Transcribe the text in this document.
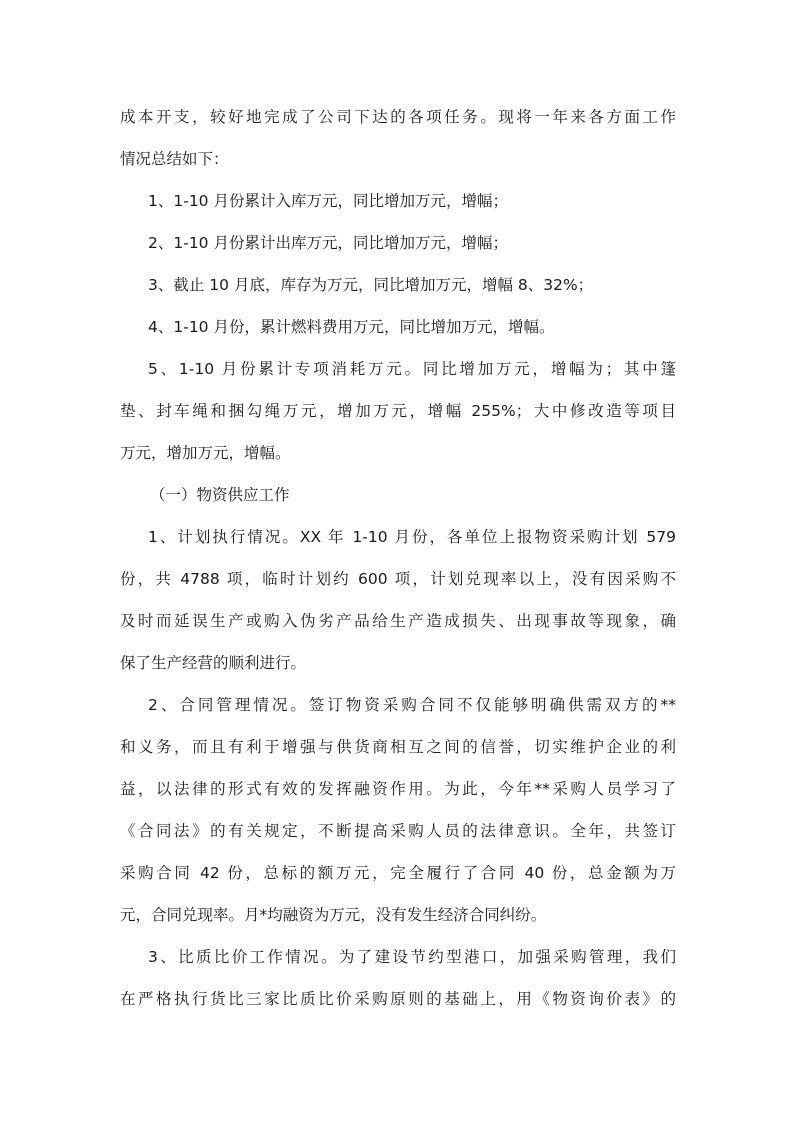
成本开支，较好地完成了公司下达的各项任务。现将一年来各方面工作
情况总结如下：
1、1-10 月份累计入库万元，同比增加万元，增幅；
2、1-10 月份累计出库万元，同比增加万元，增幅；
3、截止 10 月底，库存为万元，同比增加万元，增幅 8、32%；
4、1-10 月份，累计燃料费用万元，同比增加万元，增幅。
5、1-10 月份累计专项消耗万元。同比增加万元，增幅为；其中篷
垫、封车绳和捆勾绳万元，增加万元，增幅 255%；大中修改造等项目
万元，增加万元，增幅。
（一）物资供应工作
1、计划执行情况。XX 年 1-10 月份，各单位上报物资采购计划 579
份，共 4788 项，临时计划约 600 项，计划兑现率以上，没有因采购不
及时而延误生产或购入伪劣产品给生产造成损失、出现事故等现象，确
保了生产经营的顺利进行。
2、合同管理情况。签订物资采购合同不仅能够明确供需双方的**
和义务，而且有利于增强与供货商相互之间的信誉，切实维护企业的利
益，以法律的形式有效的发挥融资作用。为此，今年**采购人员学习了
《合同法》的有关规定，不断提高采购人员的法律意识。全年，共签订
采购合同 42 份，总标的额万元，完全履行了合同 40 份，总金额为万
元，合同兑现率。月*均融资为万元，没有发生经济合同纠纷。
3、比质比价工作情况。为了建设节约型港口，加强采购管理，我们
在严格执行货比三家比质比价采购原则的基础上，用《物资询价表》的
